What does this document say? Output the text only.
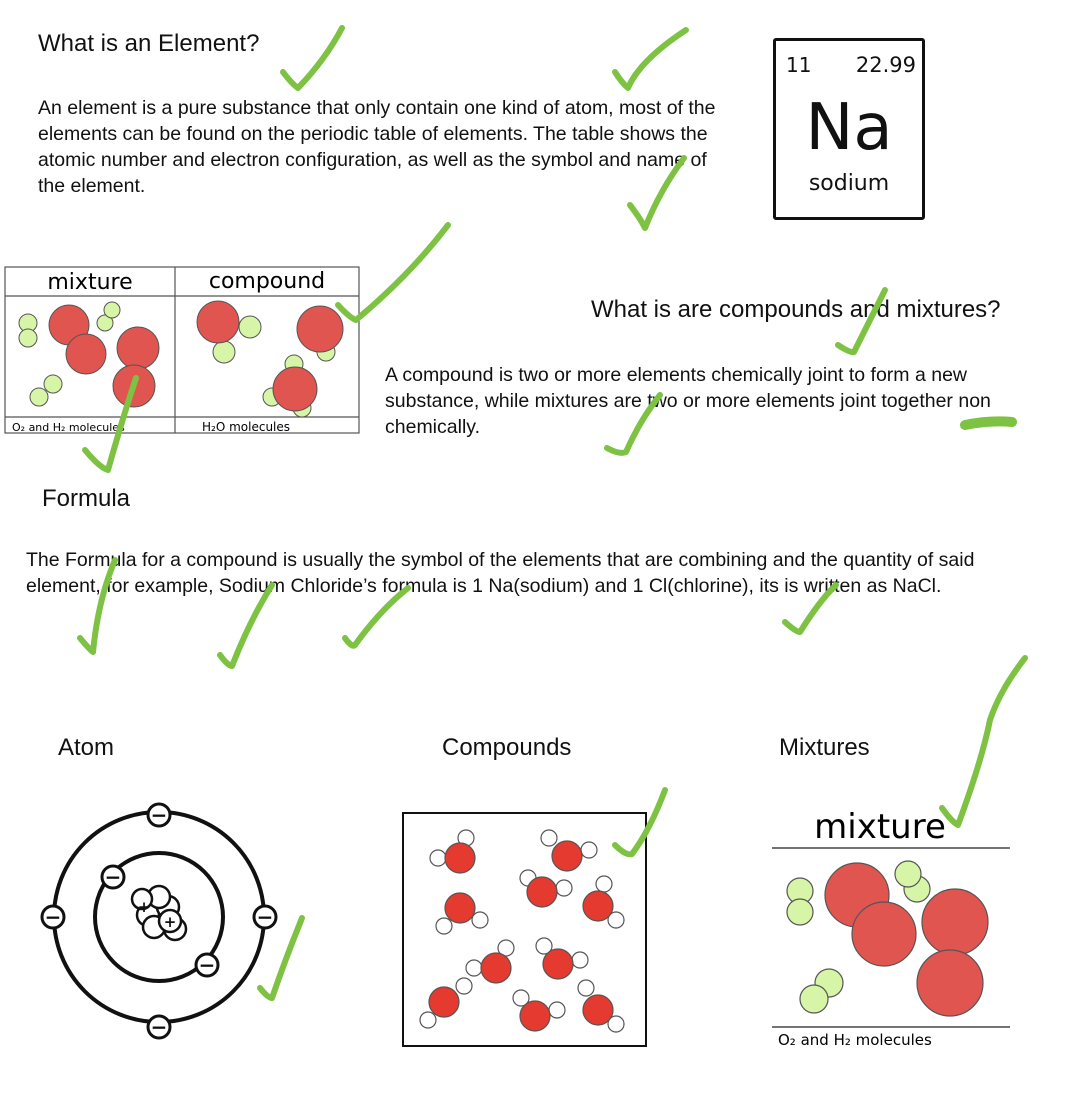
What is an Element?
An element is a pure substance that only contain one kind of atom, most of the elements can be found on the periodic table of elements. The table shows the atomic number and electron configuration, as well as the symbol and name of the element.
11 22.99
Na
sodium
mixture	compound
O₂ and H₂ molecules	H₂O molecules
What is are compounds and mixtures?
A compound is two or more elements chemically joint to form a new substance, while mixtures are two or more elements joint together non chemically.
Formula
The Formula for a compound is usually the symbol of the elements that are combining and the quantity of said element, for example, Sodium Chloride’s formula is 1 Na(sodium) and 1 Cl(chlorine), its is written as NaCl.
Atom	Compounds	Mixtures
+
+
−
−	−
−
−
−
mixture
O₂ and H₂ molecules
